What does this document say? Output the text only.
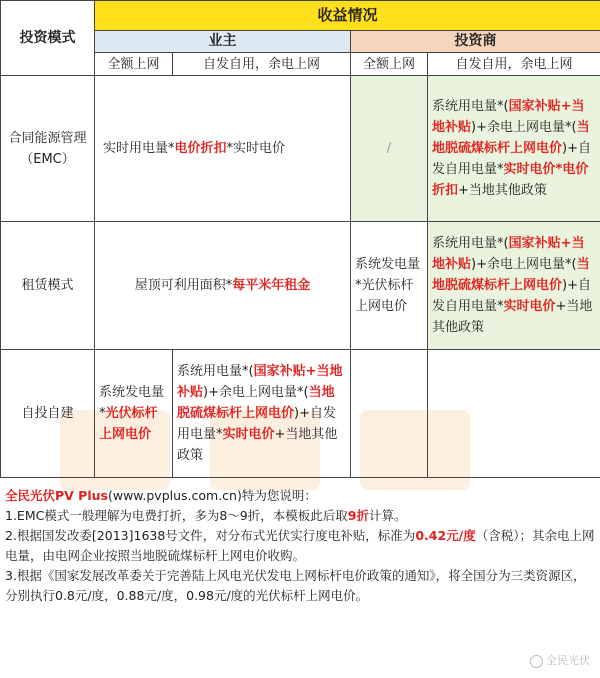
投资模式	收益情况			
	业主		投资商	
	全额上网	自发自用，余电上网	全额上网	自发自用，余电上网
合同能源管理（EMC）	实时用电量*电价折扣*实时电价		/	系统用电量*(国家补贴+当地补贴)+余电上网电量*(当地脱硫煤标杆上网电价)+自发自用电量*实时电价*电价折扣+当地其他政策
租赁模式	屋顶可利用面积*每平米年租金		系统发电量*光伏标杆上网电价	系统用电量*(国家补贴+当地补贴)+余电上网电量*(当地脱硫煤标杆上网电价)+自发自用电量*实时电价+当地其他政策
自投自建	系统发电量*光伏标杆上网电价	系统用电量*(国家补贴+当地补贴)+余电上网电量*(当地脱硫煤标杆上网电价)+自发用电量*实时电价+当地其他政策		
全民光伏PV Plus(www.pvplus.com.cn)特为您说明：
1.EMC模式一般理解为电费打折，多为8～9折，本模板此后取9折计算。
2.根据国发改委[2013]1638号文件，对分布式光伏实行度电补贴，标准为0.42元/度（含税）；其余电上网电量，由电网企业按照当地脱硫煤标杆上网电价收购。
3.根据《国家发展改革委关于完善陆上风电光伏发电上网标杆电价政策的通知》，将全国分为三类资源区，分别执行0.8元/度，0.88元/度，0.98元/度的光伏标杆上网电价。
全民光伏
